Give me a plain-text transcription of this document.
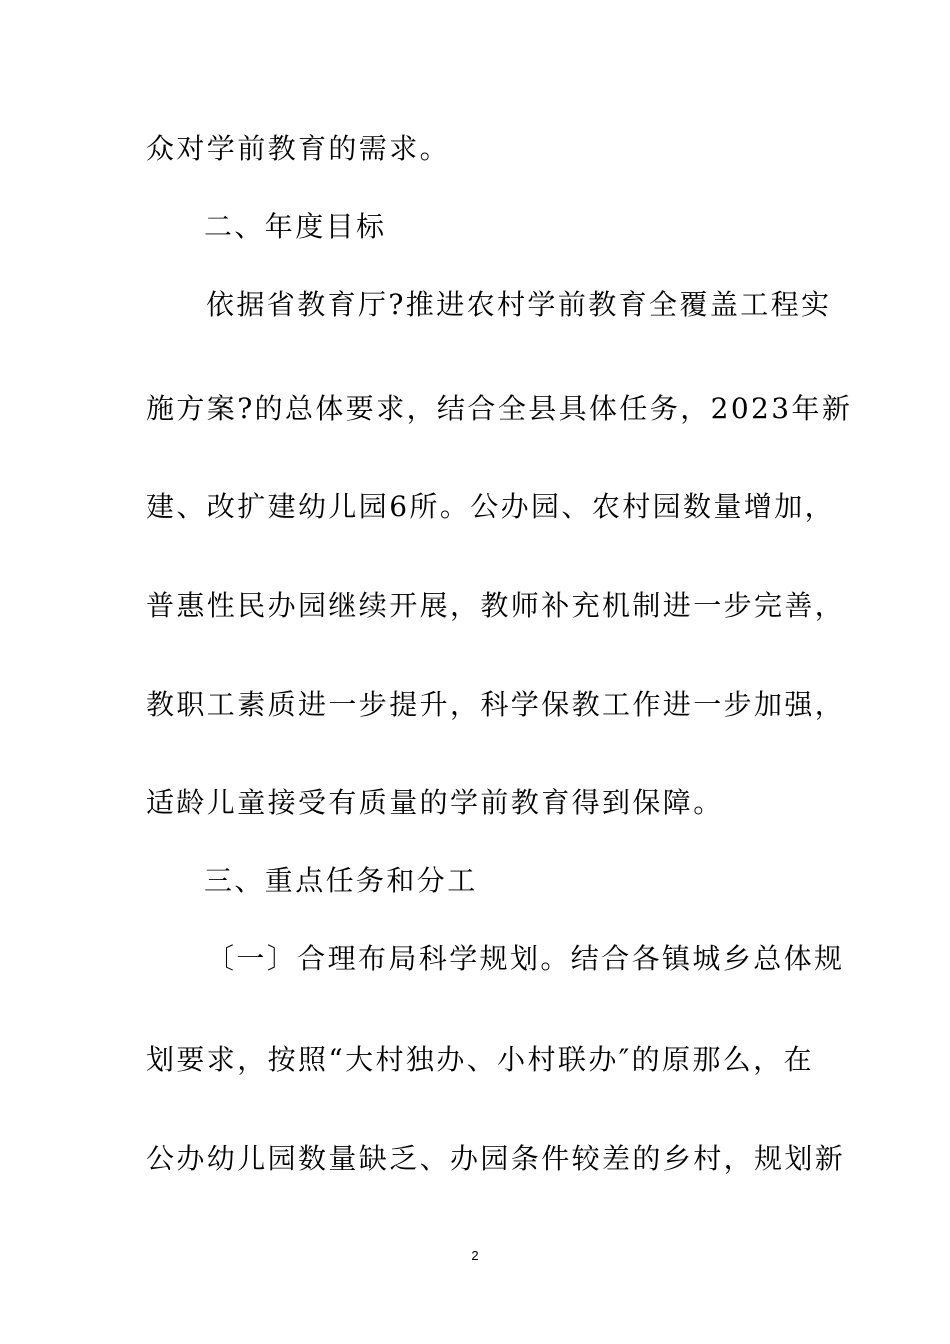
众对学前教育的需求。
二、年度目标
依据省教育厅?推进农村学前教育全覆盖工程实
施方案?的总体要求，结合全县具体任务，2023年新
建、改扩建幼儿园6所。公办园、农村园数量增加，
普惠性民办园继续开展，教师补充机制进一步完善，
教职工素质进一步提升，科学保教工作进一步加强，
适龄儿童接受有质量的学前教育得到保障。
三、重点任务和分工
〔一〕合理布局科学规划。结合各镇城乡总体规
划要求，按照“大村独办、小村联办″的原那么，在
公办幼儿园数量缺乏、办园条件较差的乡村，规划新
2
